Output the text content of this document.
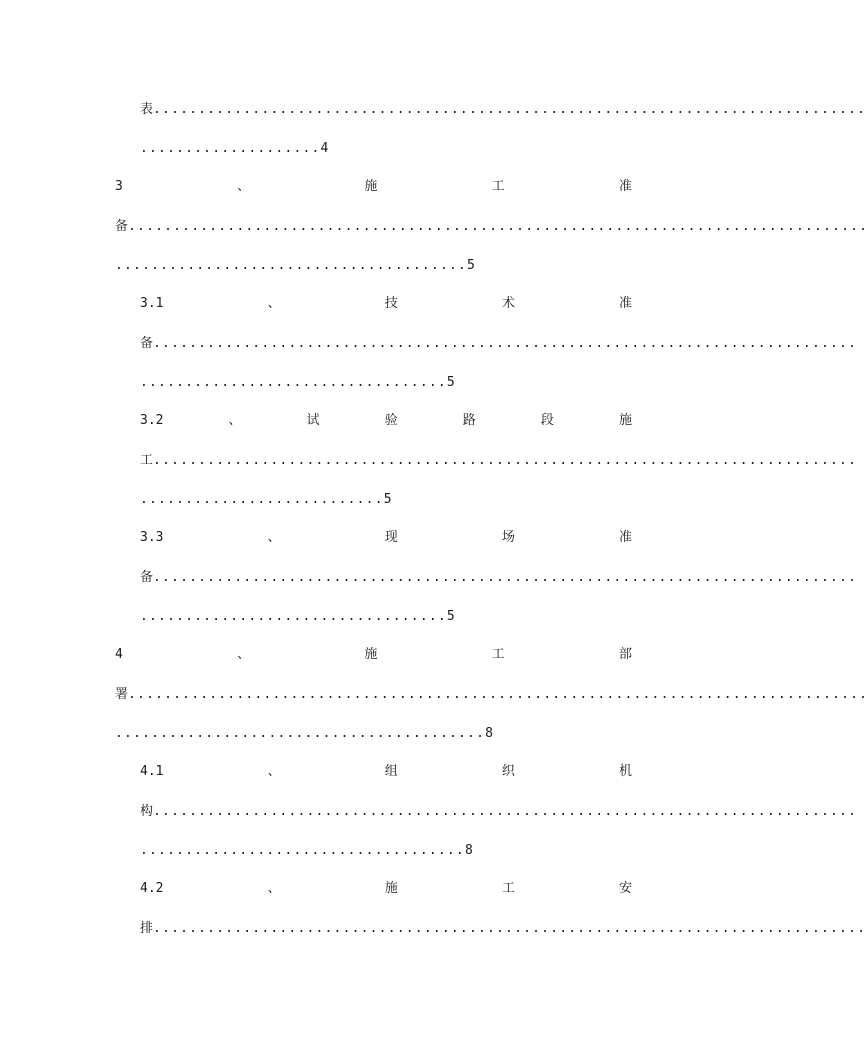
表...............................................................................
....................4
3	、	施	工	准
备..................................................................................
.......................................5
3.1	、	技	术	准
备..............................................................................
..................................5
3.2	、	试	验	路	段	施
工..............................................................................
...........................5
3.3	、	现	场	准
备..............................................................................
..................................5
4	、	施	工	部
署..................................................................................
.........................................8
4.1	、	组	织	机
构..............................................................................
....................................8
4.2	、	施	工	安
排...............................................................................
